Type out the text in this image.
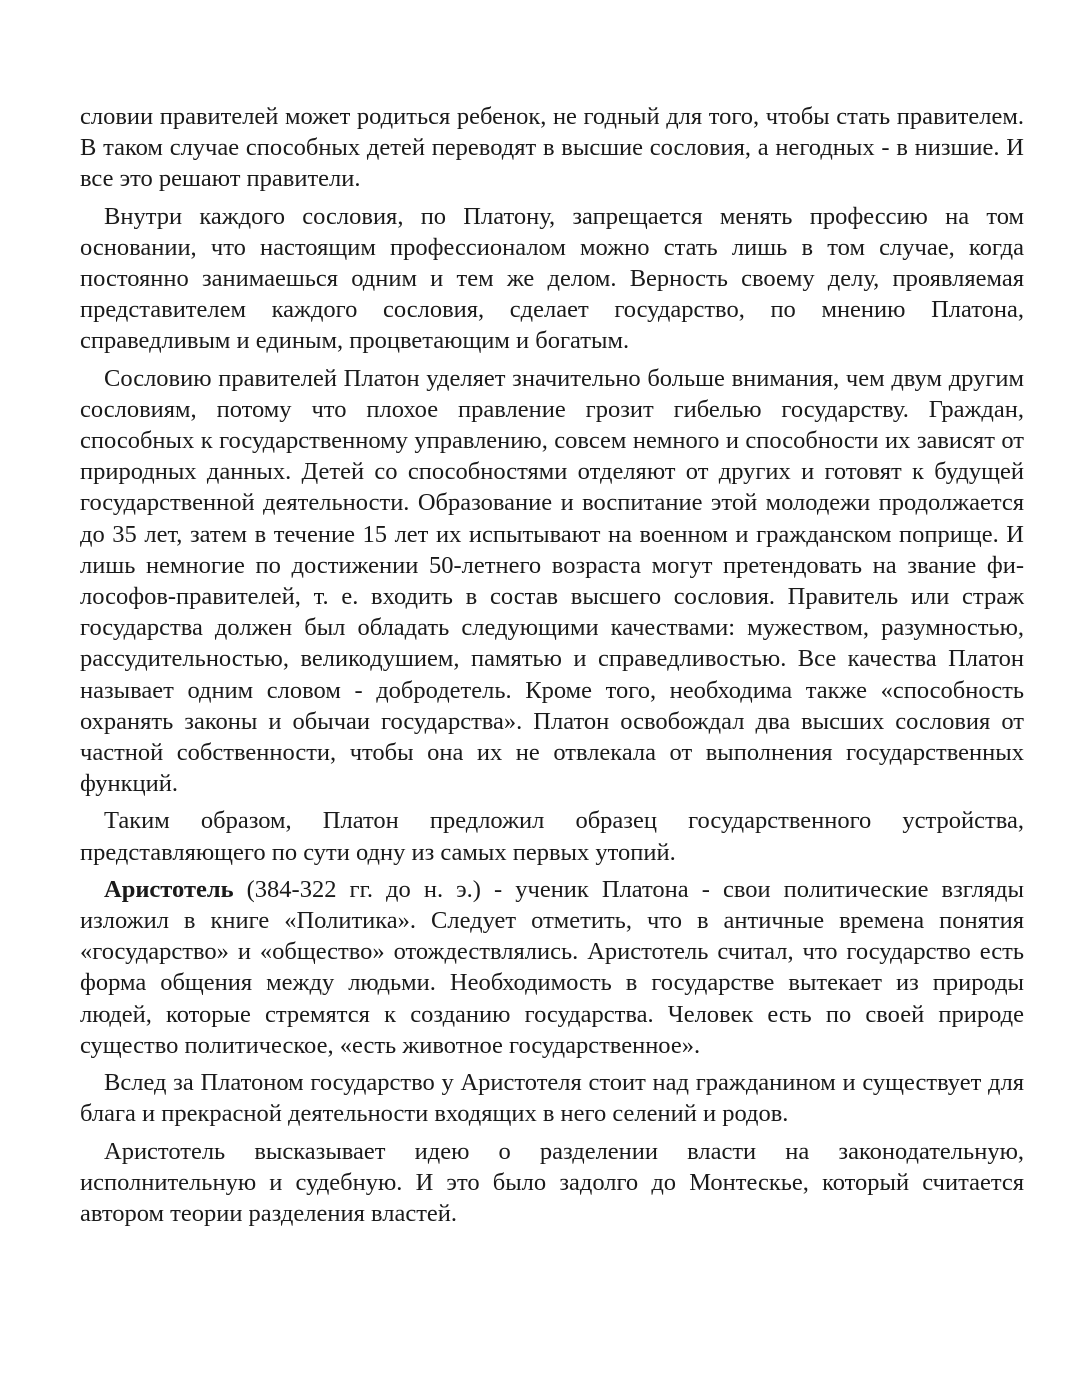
словии правителей может родиться ребенок, не годный для того, чтобы стать правителем. В таком случае способных детей переводят в высшие сословия, а негодных - в низшие. И все это решают правители.

Внутри каждого сословия, по Платону, запрещается менять профессию на том основании, что настоящим профессионалом можно стать лишь в том случае, когда постоянно занимаешься одним и тем же делом. Верность своему делу, проявляемая представителем каждого сословия, сделает государство, по мнению Платона, справедливым и единым, процветающим и богатым.

Сословию правителей Платон уделяет значительно больше внимания, чем двум другим сословиям, потому что плохое правление грозит гибелью государству. Граждан, способных к государственному управлению, совсем немного и способности их зависят от природных данных. Детей со способностями отделяют от других и готовят к будущей государственной деятельности. Образование и воспитание этой молодежи продолжается до 35 лет, затем в течение 15 лет их испытывают на военном и гражданском поприще. И лишь немногие по достижении 50-летнего возраста могут претендовать на звание философов-правителей, т. е. входить в состав высшего сословия. Правитель или страж государства должен был обладать следующими качествами: мужеством, разумностью, рассудительностью, великодушием, памятью и справедливостью. Все качества Платон называет одним словом - добродетель. Кроме того, необходима также «способность охранять законы и обычаи государства». Платон освобождал два высших сословия от частной собственности, чтобы она их не отвлекала от выполнения государственных функций.

Таким образом, Платон предложил образец государственного устройства, представляющего по сути одну из самых первых утопий.

Аристотель (384-322 гг. до н. э.) - ученик Платона - свои политические взгляды изложил в книге «Политика». Следует отметить, что в античные времена понятия «государство» и «общество» отождествлялись. Аристотель считал, что государство есть форма общения между людьми. Необходимость в государстве вытекает из природы людей, которые стремятся к созданию государства. Человек есть по своей природе существо политическое, «есть животное государственное».

Вслед за Платоном государство у Аристотеля стоит над гражданином и существует для блага и прекрасной деятельности входящих в него селений и родов.

Аристотель высказывает идею о разделении власти на законодательную, исполнительную и судебную. И это было задолго до Монтескье, который считается автором теории разделения властей.
